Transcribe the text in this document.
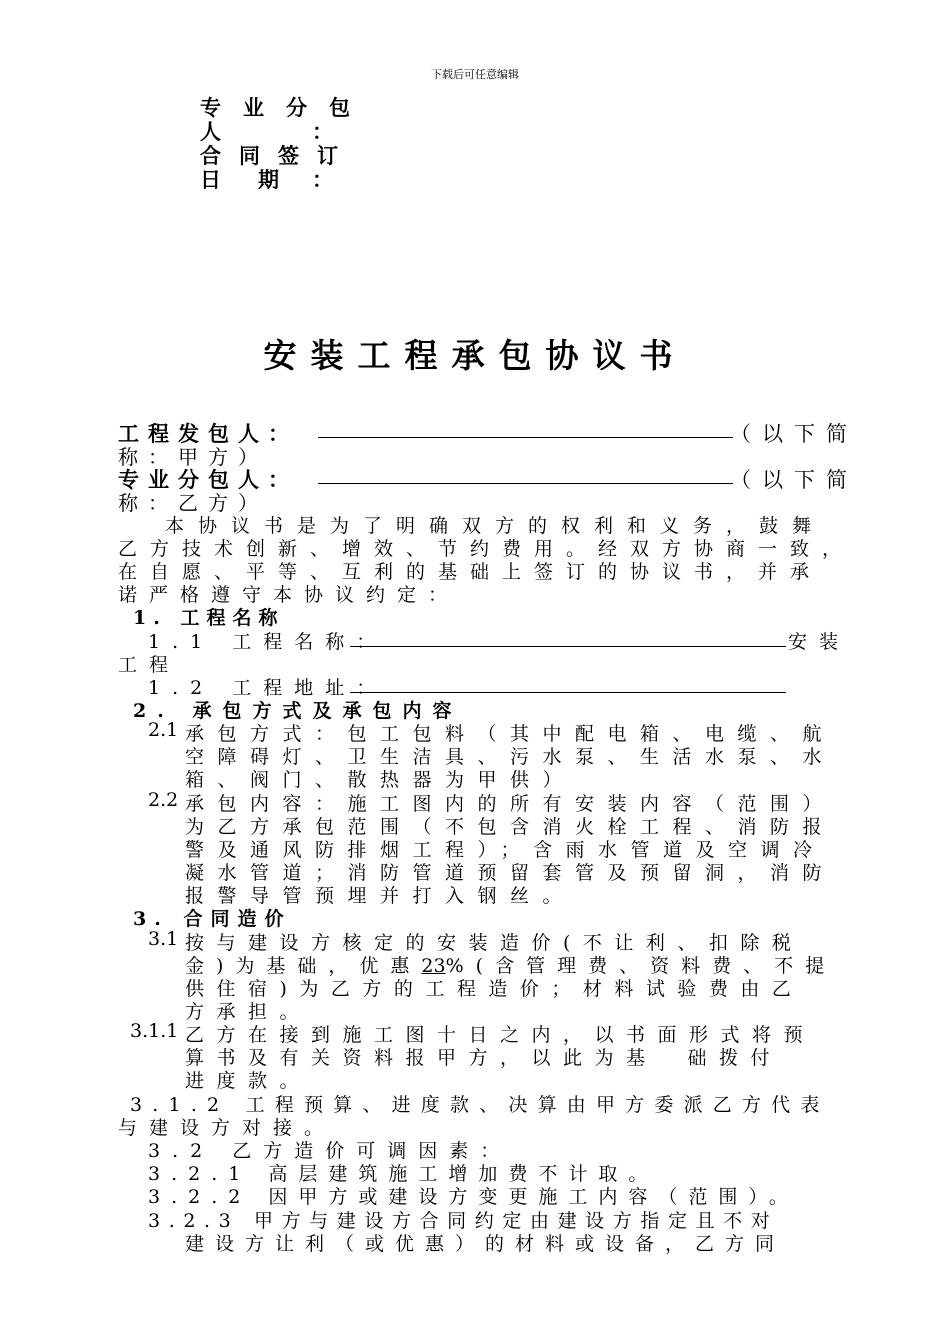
下载后可任意编辑
专业分包
人	：
合同签订
日 期 ：
安装工程承包协议书
工程发包人：	（以下简
称：甲方）
专业分包人：	（以下简
称：乙方）
本协议书是为了明确双方的权利和义务，鼓舞
乙方技术创新、增效、节约费用。经双方协商一致，
在自愿、平等、互利的基础上签订的协议书，并承
诺严格遵守本协议约定：
1. 工程名称
1.1 工程名称：	安装
工程
1.2 工程地址：
2. 承包方式及承包内容
2.1 承包方式：包工包料（其中配电箱、电缆、航
空障碍灯、卫生洁具、污水泵、生活水泵、水
箱、阀门、散热器为甲供）
2.2 承包内容：施工图内的所有安装内容（范围）
为乙方承包范围（不包含消火栓工程、消防报
警及通风防排烟工程）；含雨水管道及空调冷
凝水管道；消防管道预留套管及预留洞，消防
报警导管预埋并打入钢丝。
3. 合同造价
3.1 按与建设方核定的安装造价(不让利、扣除税
金)为基础，优惠23%(含管理费、资料费、不提
供住宿)为乙方的工程造价；材料试验费由乙
方承担。
3.1.1 乙方在接到施工图十日之内，以书面形式将预
算书及有关资料报甲方，以此为基 础拨付
进度款。
3.1.2 工程预算、进度款、决算由甲方委派乙方代表
与建设方对接。
3.2 乙方造价可调因素：
3.2.1 高层建筑施工增加费不计取。
3.2.2 因甲方或建设方变更施工内容（范围）。
3.2.3 甲方与建设方合同约定由建设方指定且不对
建设方让利（或优惠）的材料或设备，乙方同
